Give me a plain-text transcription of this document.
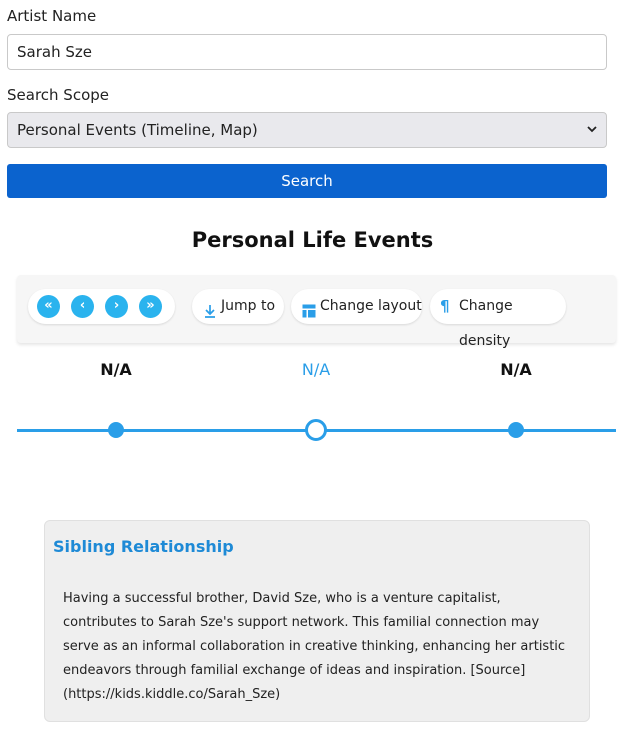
Artist Name
Sarah Sze
Search Scope
Personal Events (Timeline, Map)
Search
Personal Life Events
«	‹	›	»	Jump to	Change layout ¶ Change density
N/A	N/A	N/A
Sibling Relationship
Having a successful brother, David Sze, who is a venture capitalist, contributes to Sarah Sze's support network. This familial connection may serve as an informal collaboration in creative thinking, enhancing her artistic endeavors through familial exchange of ideas and inspiration. [Source](https://kids.kiddle.co/Sarah_Sze)
